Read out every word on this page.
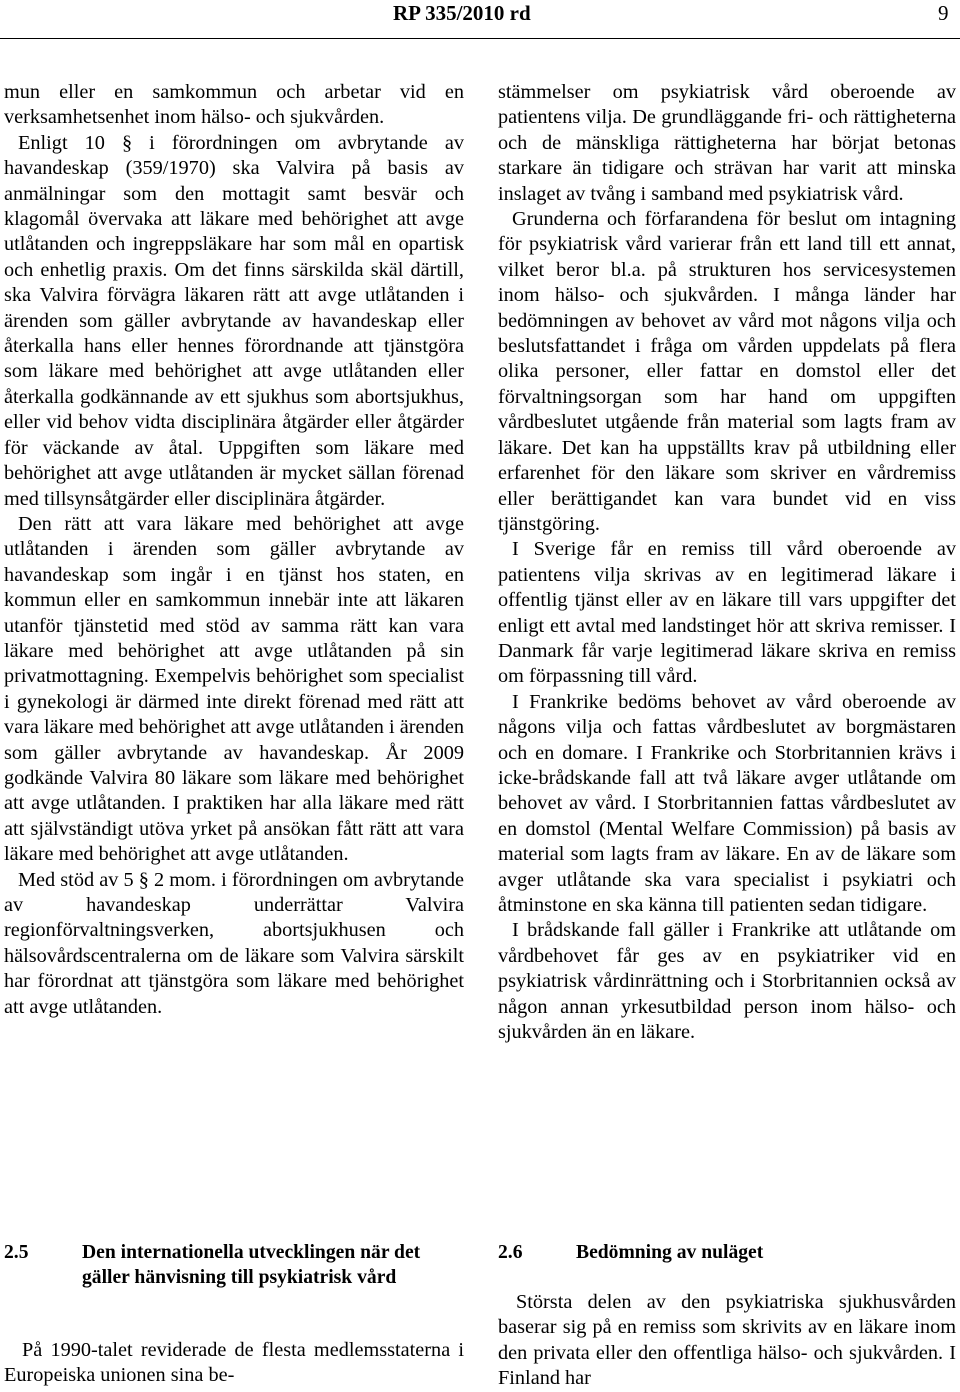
RP 335/2010 rd	9

mun eller en samkommun och arbetar vid en verksamhetsenhet inom hälso- och sjukvården.

Enligt 10 § i förordningen om avbrytande av havandeskap (359/1970) ska Valvira på basis av anmälningar som den mottagit samt besvär och klagomål övervaka att läkare med behörighet att avge utlåtanden och ingreppsläkare har som mål en opartisk och enhetlig praxis. Om det finns särskilda skäl därtill, ska Valvira förvägra läkaren rätt att avge utlåtanden i ärenden som gäller avbrytande av havandeskap eller återkalla hans eller hennes förordnande att tjänstgöra som läkare med behörighet att avge utlåtanden eller återkalla godkännande av ett sjukhus som abortsjukhus, eller vid behov vidta disciplinära åtgärder eller åtgärder för väckande av åtal. Uppgiften som läkare med behörighet att avge utlåtanden är mycket sällan förenad med tillsynsåtgärder eller disciplinära åtgärder.

Den rätt att vara läkare med behörighet att avge utlåtanden i ärenden som gäller avbrytande av havandeskap som ingår i en tjänst hos staten, en kommun eller en samkommun innebär inte att läkaren utanför tjänstetid med stöd av samma rätt kan vara läkare med behörighet att avge utlåtanden på sin privatmottagning. Exempelvis behörighet som specialist i gynekologi är därmed inte direkt förenad med rätt att vara läkare med behörighet att avge utlåtanden i ärenden som gäller avbrytande av havandeskap. År 2009 godkände Valvira 80 läkare som läkare med behörighet att avge utlåtanden. I praktiken har alla läkare med rätt att självständigt utöva yrket på ansökan fått rätt att vara läkare med behörighet att avge utlåtanden.

Med stöd av 5 § 2 mom. i förordningen om avbrytande av havandeskap underrättar Valvira regionförvaltningsverken, abortsjukhusen och hälsovårdscentralerna om de läkare som Valvira särskilt har förordnat att tjänstgöra som läkare med behörighet att avge utlåtanden.

2.5	Den internationella utvecklingen när det gäller hänvisning till psykiatrisk vård

På 1990-talet reviderade de flesta medlemsstaterna i Europeiska unionen sina be-

stämmelser om psykiatrisk vård oberoende av patientens vilja. De grundläggande fri- och rättigheterna och de mänskliga rättigheterna har börjat betonas starkare än tidigare och strävan har varit att minska inslaget av tvång i samband med psykiatrisk vård.

Grunderna och förfarandena för beslut om intagning för psykiatrisk vård varierar från ett land till ett annat, vilket beror bl.a. på strukturen hos servicesystemen inom hälso- och sjukvården. I många länder har bedömningen av behovet av vård mot någons vilja och beslutsfattandet i fråga om vården uppdelats på flera olika personer, eller fattar en domstol eller det förvaltningsorgan som har hand om uppgiften vårdbeslutet utgående från material som lagts fram av läkare. Det kan ha uppställts krav på utbildning eller erfarenhet för den läkare som skriver en vårdremiss eller berättigandet kan vara bundet vid en viss tjänstgöring.

I Sverige får en remiss till vård oberoende av patientens vilja skrivas av en legitimerad läkare i offentlig tjänst eller av en läkare till vars uppgifter det enligt ett avtal med landstinget hör att skriva remisser. I Danmark får varje legitimerad läkare skriva en remiss om förpassning till vård.

I Frankrike bedöms behovet av vård oberoende av någons vilja och fattas vårdbeslutet av borgmästaren och en domare. I Frankrike och Storbritannien krävs i icke-brådskande fall att två läkare avger utlåtande om behovet av vård. I Storbritannien fattas vårdbeslutet av en domstol (Mental Welfare Commission) på basis av material som lagts fram av läkare. En av de läkare som avger utlåtande ska vara specialist i psykiatri och åtminstone en ska känna till patienten sedan tidigare.

I brådskande fall gäller i Frankrike att utlåtande om vårdbehovet får ges av en psykiatriker vid en psykiatrisk vårdinrättning och i Storbritannien också av någon annan yrkesutbildad person inom hälso- och sjukvården än en läkare.

2.6	Bedömning av nuläget

Största delen av den psykiatriska sjukhusvården baserar sig på en remiss som skrivits av en läkare inom den privata eller den offentliga hälso- och sjukvården. I Finland har
